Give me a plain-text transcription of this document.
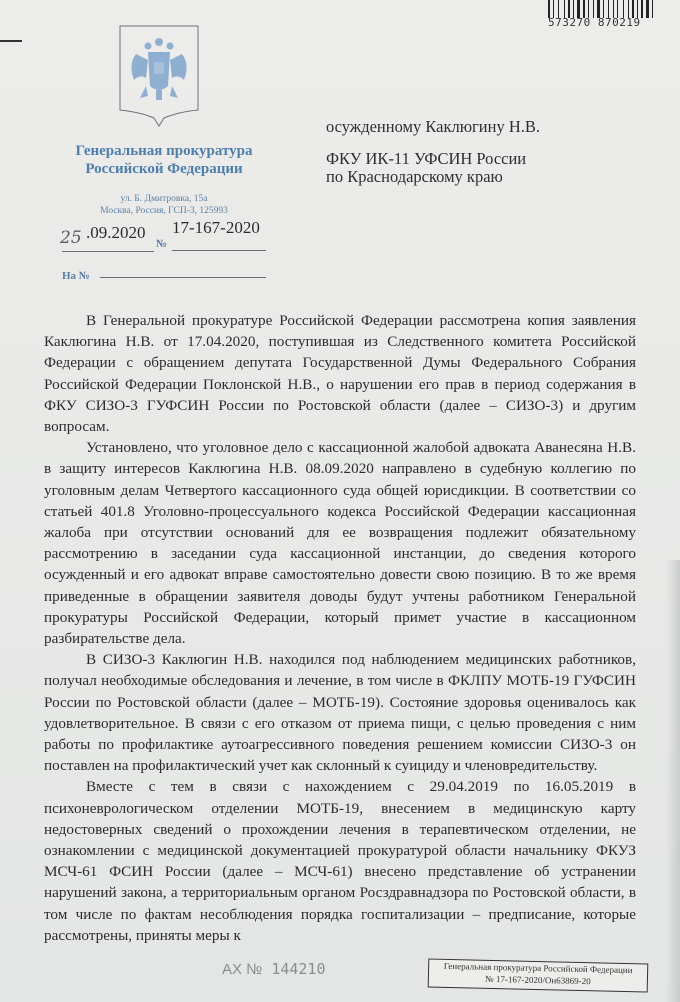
573270 870219
Генеральная прокуратура
Российской Федерации
ул. Б. Дмитровка, 15а
Москва, Россия, ГСП-3, 125993
25 .09.2020 17-167-2020
№
На №
осужденному Каклюгину Н.В.
ФКУ ИК-11 УФСИН России
по Краснодарскому краю

В Генеральной прокуратуре Российской Федерации рассмотрена копия заявления Каклюгина Н.В. от 17.04.2020, поступившая из Следственного комитета Российской Федерации с обращением депутата Государственной Думы Федерального Собрания Российской Федерации Поклонской Н.В., о нарушении его прав в период содержания в ФКУ СИЗО-3 ГУФСИН России по Ростовской области (далее – СИЗО-3) и другим вопросам.

Установлено, что уголовное дело с кассационной жалобой адвоката Аванесяна Н.В. в защиту интересов Каклюгина Н.В. 08.09.2020 направлено в судебную коллегию по уголовным делам Четвертого кассационного суда общей юрисдикции. В соответствии со статьей 401.8 Уголовно-процессуального кодекса Российской Федерации кассационная жалоба при отсутствии оснований для ее возвращения подлежит обязательному рассмотрению в заседании суда кассационной инстанции, до сведения которого осужденный и его адвокат вправе самостоятельно довести свою позицию. В то же время приведенные в обращении заявителя доводы будут учтены работником Генеральной прокуратуры Российской Федерации, который примет участие в кассационном разбирательстве дела.

В СИЗО-3 Каклюгин Н.В. находился под наблюдением медицинских работников, получал необходимые обследования и лечение, в том числе в ФКЛПУ МОТБ-19 ГУФСИН России по Ростовской области (далее – МОТБ-19). Состояние здоровья оценивалось как удовлетворительное. В связи с его отказом от приема пищи, с целью проведения с ним работы по профилактике аутоагрессивного поведения решением комиссии СИЗО-3 он поставлен на профилактический учет как склонный к суициду и членовредительству.

Вместе с тем в связи с нахождением с 29.04.2019 по 16.05.2019 в психоневрологическом отделении МОТБ-19, внесением в медицинскую карту недостоверных сведений о прохождении лечения в терапевтическом отделении, не ознакомлении с медицинской документацией прокуратурой области начальнику ФКУЗ МСЧ-61 ФСИН России (далее – МСЧ-61) внесено представление об устранении нарушений закона, а территориальным органом Росздравнадзора по Ростовской области, в том числе по фактам несоблюдения порядка госпитализации – предписание, которые рассмотрены, приняты меры к

АХ № 144210	Генеральная прокуратура Российской Федерации
№ 17-167-2020/Он63869-20
